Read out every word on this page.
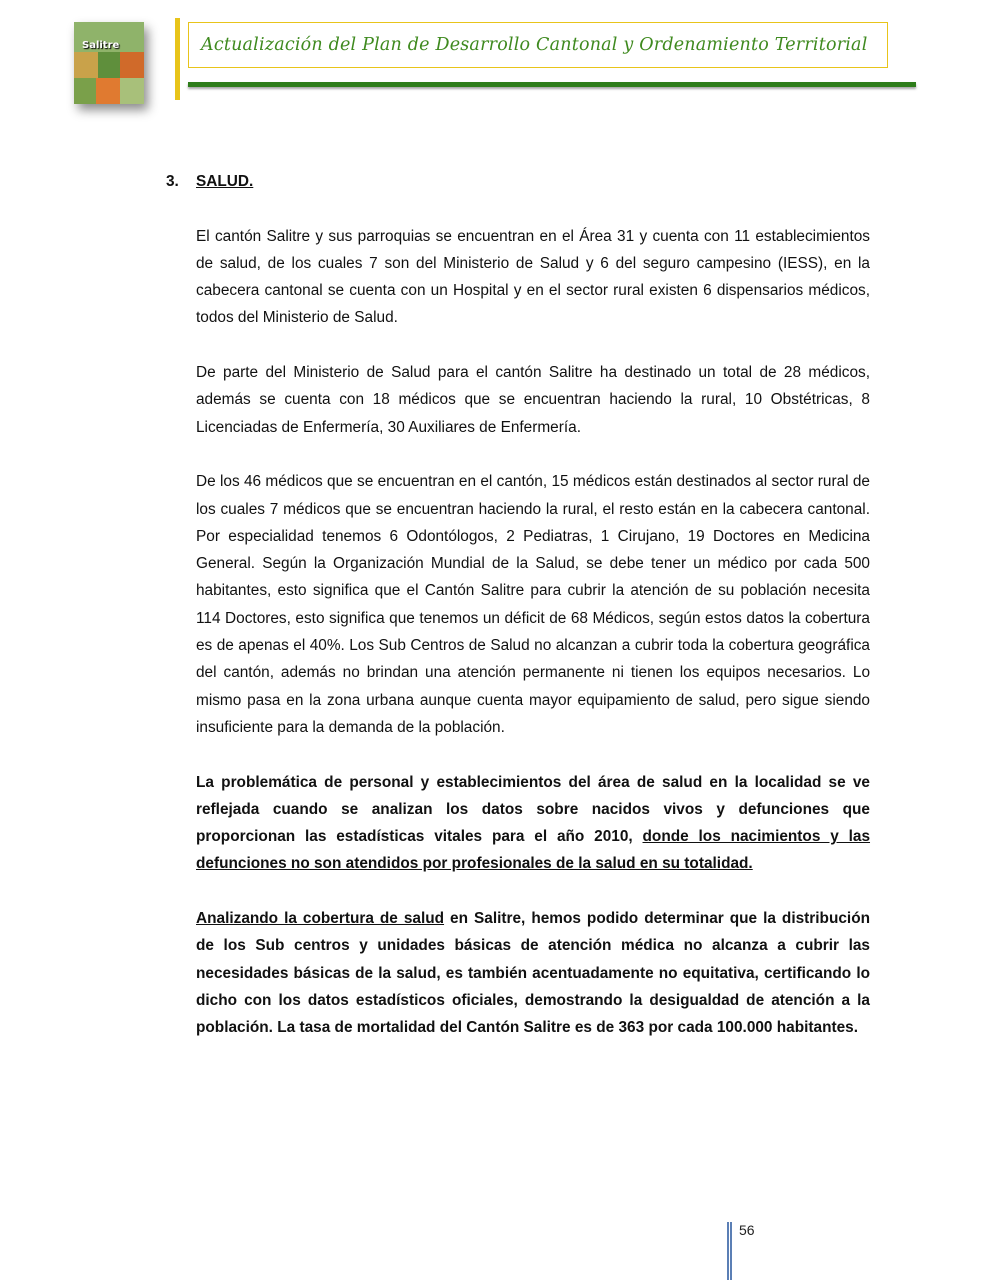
Salitre	Actualización del Plan de Desarrollo Cantonal y Ordenamiento Territorial
3. SALUD.

El cantón Salitre y sus parroquias se encuentran en el Área 31 y cuenta con 11 establecimientos de salud, de los cuales 7 son del Ministerio de Salud y 6 del seguro campesino (IESS), en la cabecera cantonal se cuenta con un Hospital y en el sector rural existen 6 dispensarios médicos, todos del Ministerio de Salud.

De parte del Ministerio de Salud para el cantón Salitre ha destinado un total de 28 médicos, además se cuenta con 18 médicos que se encuentran haciendo la rural, 10 Obstétricas, 8 Licenciadas de Enfermería, 30 Auxiliares de Enfermería.

De los 46 médicos que se encuentran en el cantón, 15 médicos están destinados al sector rural de los cuales 7 médicos que se encuentran haciendo la rural, el resto están en la cabecera cantonal. Por especialidad tenemos 6 Odontólogos, 2 Pediatras, 1 Cirujano, 19 Doctores en Medicina General. Según la Organización Mundial de la Salud, se debe tener un médico por cada 500 habitantes, esto significa que el Cantón Salitre para cubrir la atención de su población necesita 114 Doctores, esto significa que tenemos un déficit de 68 Médicos, según estos datos la cobertura es de apenas el 40%. Los Sub Centros de Salud no alcanzan a cubrir toda la cobertura geográfica del cantón, además no brindan una atención permanente ni tienen los equipos necesarios. Lo mismo pasa en la zona urbana aunque cuenta mayor equipamiento de salud, pero sigue siendo insuficiente para la demanda de la población.

La problemática de personal y establecimientos del área de salud en la localidad se ve reflejada cuando se analizan los datos sobre nacidos vivos y defunciones que proporcionan las estadísticas vitales para el año 2010, donde los nacimientos y las defunciones no son atendidos por profesionales de la salud en su totalidad.

Analizando la cobertura de salud en Salitre, hemos podido determinar que la distribución de los Sub centros y unidades básicas de atención médica no alcanza a cubrir las necesidades básicas de la salud, es también acentuadamente no equitativa, certificando lo dicho con los datos estadísticos oficiales, demostrando la desigualdad de atención a la población. La tasa de mortalidad del Cantón Salitre es de 363 por cada 100.000 habitantes.

56
